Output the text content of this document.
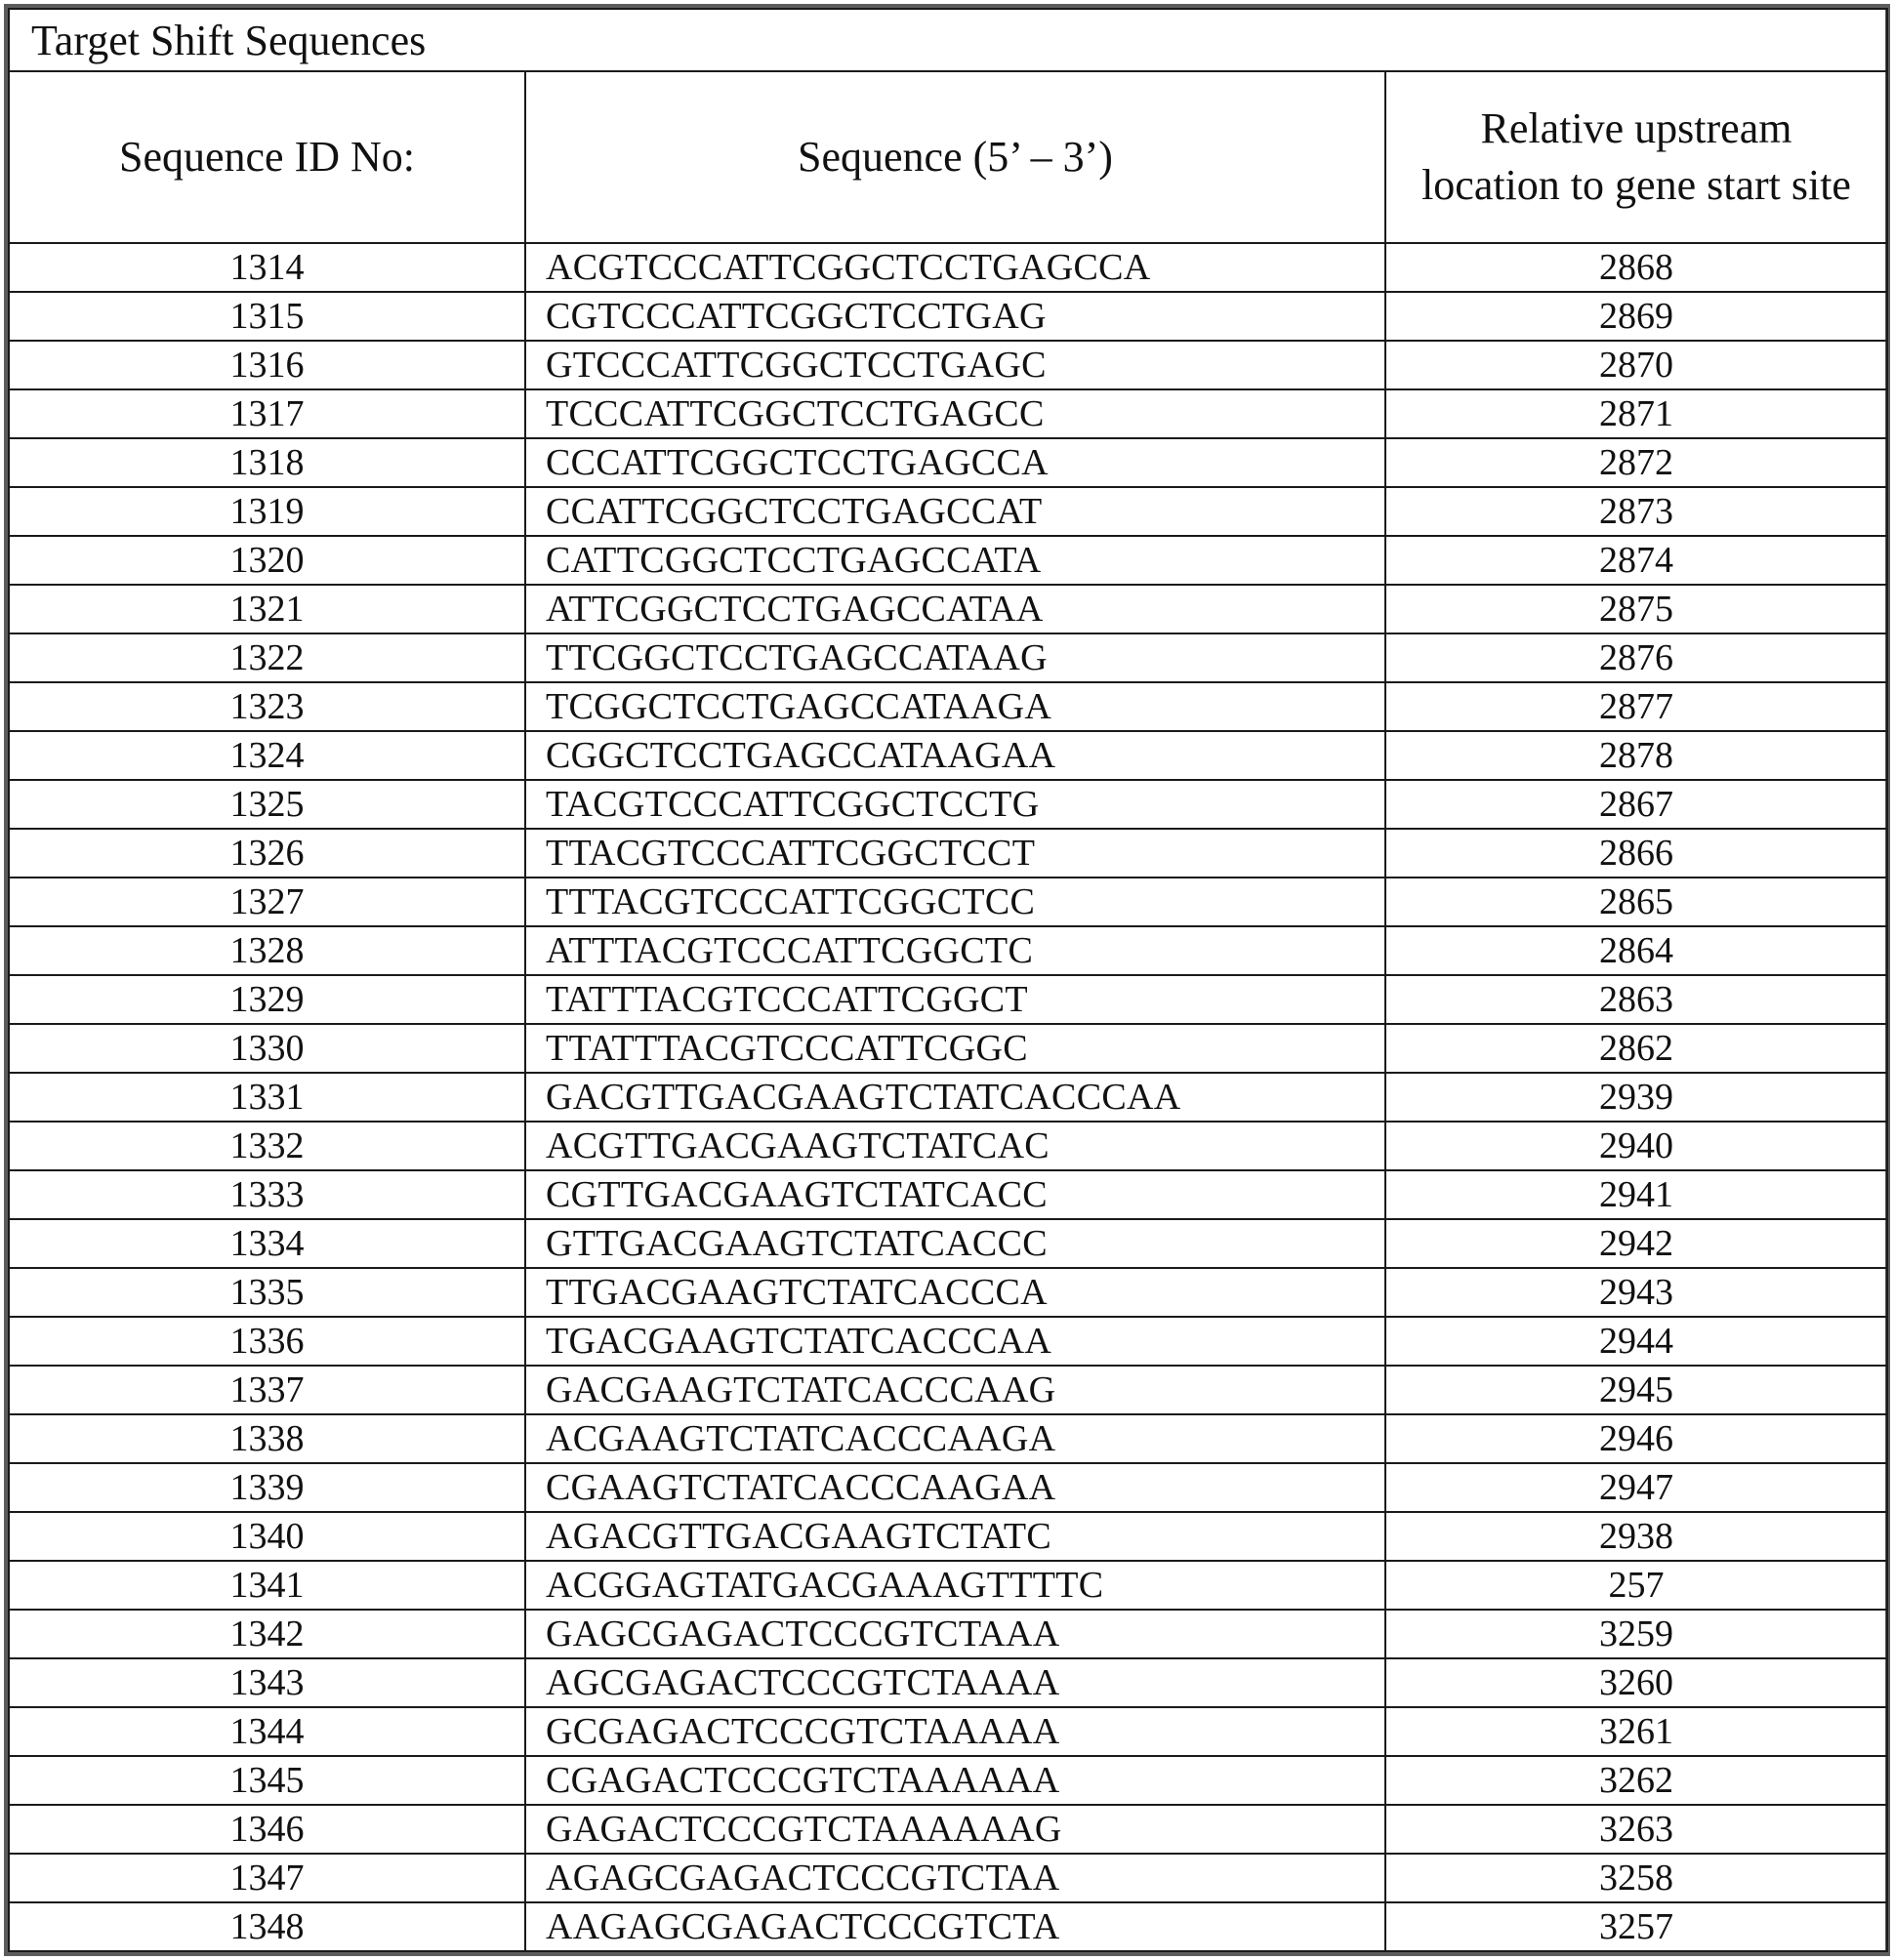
Target Shift Sequences		
Sequence ID No:	Sequence (5’ – 3’)	Relative upstream location to gene start site
1314	ACGTCCCATTCGGCTCCTGAGCCA	2868
1315	CGTCCCATTCGGCTCCTGAG	2869
1316	GTCCCATTCGGCTCCTGAGC	2870
1317	TCCCATTCGGCTCCTGAGCC	2871
1318	CCCATTCGGCTCCTGAGCCA	2872
1319	CCATTCGGCTCCTGAGCCAT	2873
1320	CATTCGGCTCCTGAGCCATA	2874
1321	ATTCGGCTCCTGAGCCATAA	2875
1322	TTCGGCTCCTGAGCCATAAG	2876
1323	TCGGCTCCTGAGCCATAAGA	2877
1324	CGGCTCCTGAGCCATAAGAA	2878
1325	TACGTCCCATTCGGCTCCTG	2867
1326	TTACGTCCCATTCGGCTCCT	2866
1327	TTTACGTCCCATTCGGCTCC	2865
1328	ATTTACGTCCCATTCGGCTC	2864
1329	TATTTACGTCCCATTCGGCT	2863
1330	TTATTTACGTCCCATTCGGC	2862
1331	GACGTTGACGAAGTCTATCACCCAA	2939
1332	ACGTTGACGAAGTCTATCAC	2940
1333	CGTTGACGAAGTCTATCACC	2941
1334	GTTGACGAAGTCTATCACCC	2942
1335	TTGACGAAGTCTATCACCCA	2943
1336	TGACGAAGTCTATCACCCAA	2944
1337	GACGAAGTCTATCACCCAAG	2945
1338	ACGAAGTCTATCACCCAAGA	2946
1339	CGAAGTCTATCACCCAAGAA	2947
1340	AGACGTTGACGAAGTCTATC	2938
1341	ACGGAGTATGACGAAAGTTTTC	257
1342	GAGCGAGACTCCCGTCTAAA	3259
1343	AGCGAGACTCCCGTCTAAAA	3260
1344	GCGAGACTCCCGTCTAAAAA	3261
1345	CGAGACTCCCGTCTAAAAAA	3262
1346	GAGACTCCCGTCTAAAAAAG	3263
1347	AGAGCGAGACTCCCGTCTAA	3258
1348	AAGAGCGAGACTCCCGTCTA	3257
